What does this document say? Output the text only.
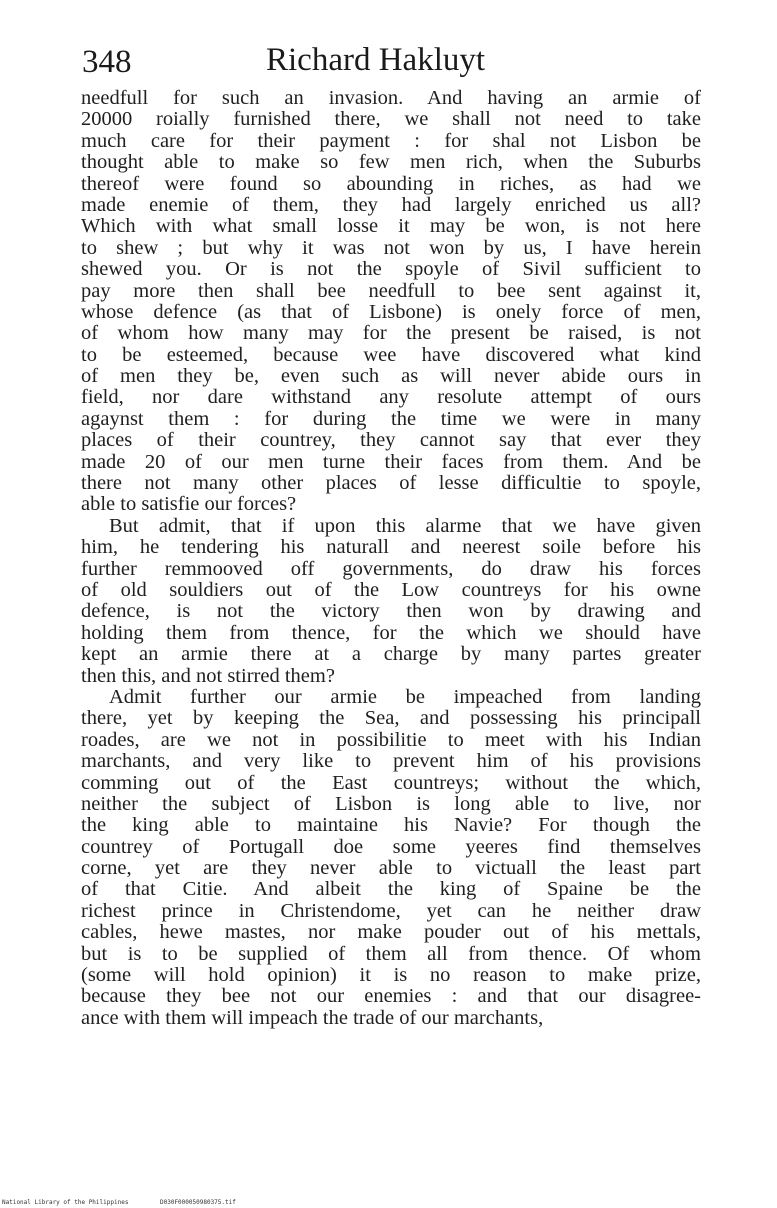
348	Richard Hakluyt
needfull for such an invasion. And having an armie of
20000 roially furnished there, we shall not need to take
much care for their payment : for shal not Lisbon be
thought able to make so few men rich, when the Suburbs
thereof were found so abounding in riches, as had we
made enemie of them, they had largely enriched us all?
Which with what small losse it may be won, is not here
to shew ; but why it was not won by us, I have herein
shewed you. Or is not the spoyle of Sivil sufficient to
pay more then shall bee needfull to bee sent against it,
whose defence (as that of Lisbone) is onely force of men,
of whom how many may for the present be raised, is not
to be esteemed, because wee have discovered what kind
of men they be, even such as will never abide ours in
field, nor dare withstand any resolute attempt of ours
agaynst them : for during the time we were in many
places of their countrey, they cannot say that ever they
made 20 of our men turne their faces from them. And be
there not many other places of lesse difficultie to spoyle,
able to satisfie our forces?
But admit, that if upon this alarme that we have given
him, he tendering his naturall and neerest soile before his
further remmooved off governments, do draw his forces
of old souldiers out of the Low countreys for his owne
defence, is not the victory then won by drawing and
holding them from thence, for the which we should have
kept an armie there at a charge by many partes greater
then this, and not stirred them?
Admit further our armie be impeached from landing
there, yet by keeping the Sea, and possessing his principall
roades, are we not in possibilitie to meet with his Indian
marchants, and very like to prevent him of his provisions
comming out of the East countreys; without the which,
neither the subject of Lisbon is long able to live, nor
the king able to maintaine his Navie? For though the
countrey of Portugall doe some yeeres find themselves
corne, yet are they never able to victuall the least part
of that Citie. And albeit the king of Spaine be the
richest prince in Christendome, yet can he neither draw
cables, hewe mastes, nor make pouder out of his mettals,
but is to be supplied of them all from thence. Of whom
(some will hold opinion) it is no reason to make prize,
because they bee not our enemies : and that our disagree-
ance with them will impeach the trade of our marchants,
National Library of the Philippines	D030F000050980375.tif
